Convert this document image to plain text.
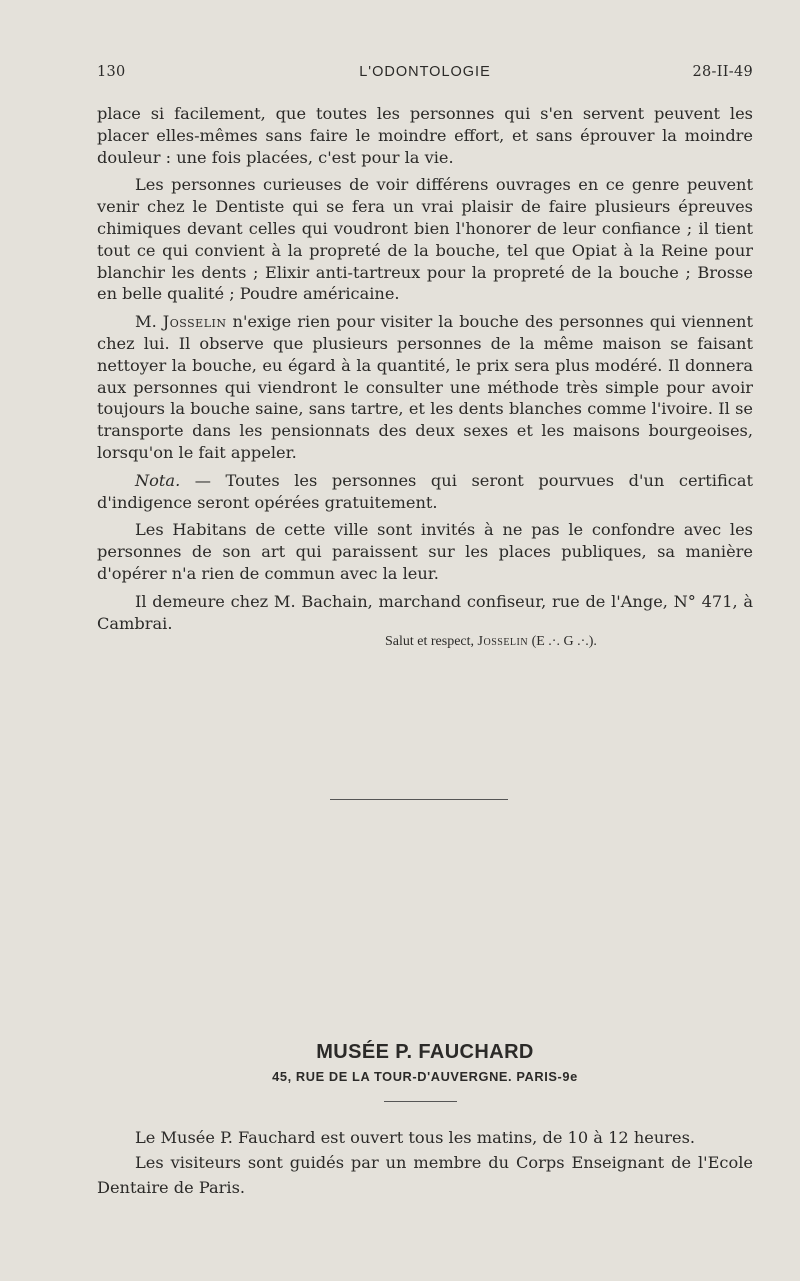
130	L'ODONTOLOGIE	28-II-49

place si facilement, que toutes les personnes qui s'en servent peuvent les placer elles-mêmes sans faire le moindre effort, et sans éprouver la moindre douleur : une fois placées, c'est pour la vie.

Les personnes curieuses de voir différens ouvrages en ce genre peuvent venir chez le Dentiste qui se fera un vrai plaisir de faire plusieurs épreuves chimiques devant celles qui voudront bien l'honorer de leur confiance ; il tient tout ce qui convient à la propreté de la bouche, tel que Opiat à la Reine pour blanchir les dents ; Elixir anti-tartreux pour la propreté de la bouche ; Brosse en belle qualité ; Poudre américaine.

M. Josselin n'exige rien pour visiter la bouche des personnes qui viennent chez lui. Il observe que plusieurs personnes de la même maison se faisant nettoyer la bouche, eu égard à la quantité, le prix sera plus modéré. Il donnera aux personnes qui viendront le consulter une méthode très simple pour avoir toujours la bouche saine, sans tartre, et les dents blanches comme l'ivoire. Il se transporte dans les pensionnats des deux sexes et les maisons bourgeoises, lorsqu'on le fait appeler.

Nota. — Toutes les personnes qui seront pourvues d'un certificat d'indigence seront opérées gratuitement.

Les Habitans de cette ville sont invités à ne pas le confondre avec les personnes de son art qui paraissent sur les places publiques, sa manière d'opérer n'a rien de commun avec la leur.

Il demeure chez M. Bachain, marchand confiseur, rue de l'Ange, N° 471, à Cambrai.

Salut et respect, Josselin (E .·. G .·.).
MUSÉE P. FAUCHARD
45, RUE DE LA TOUR-D'AUVERGNE. PARIS-9e

Le Musée P. Fauchard est ouvert tous les matins, de 10 à 12 heures.

Les visiteurs sont guidés par un membre du Corps Enseignant de l'Ecole Dentaire de Paris.
